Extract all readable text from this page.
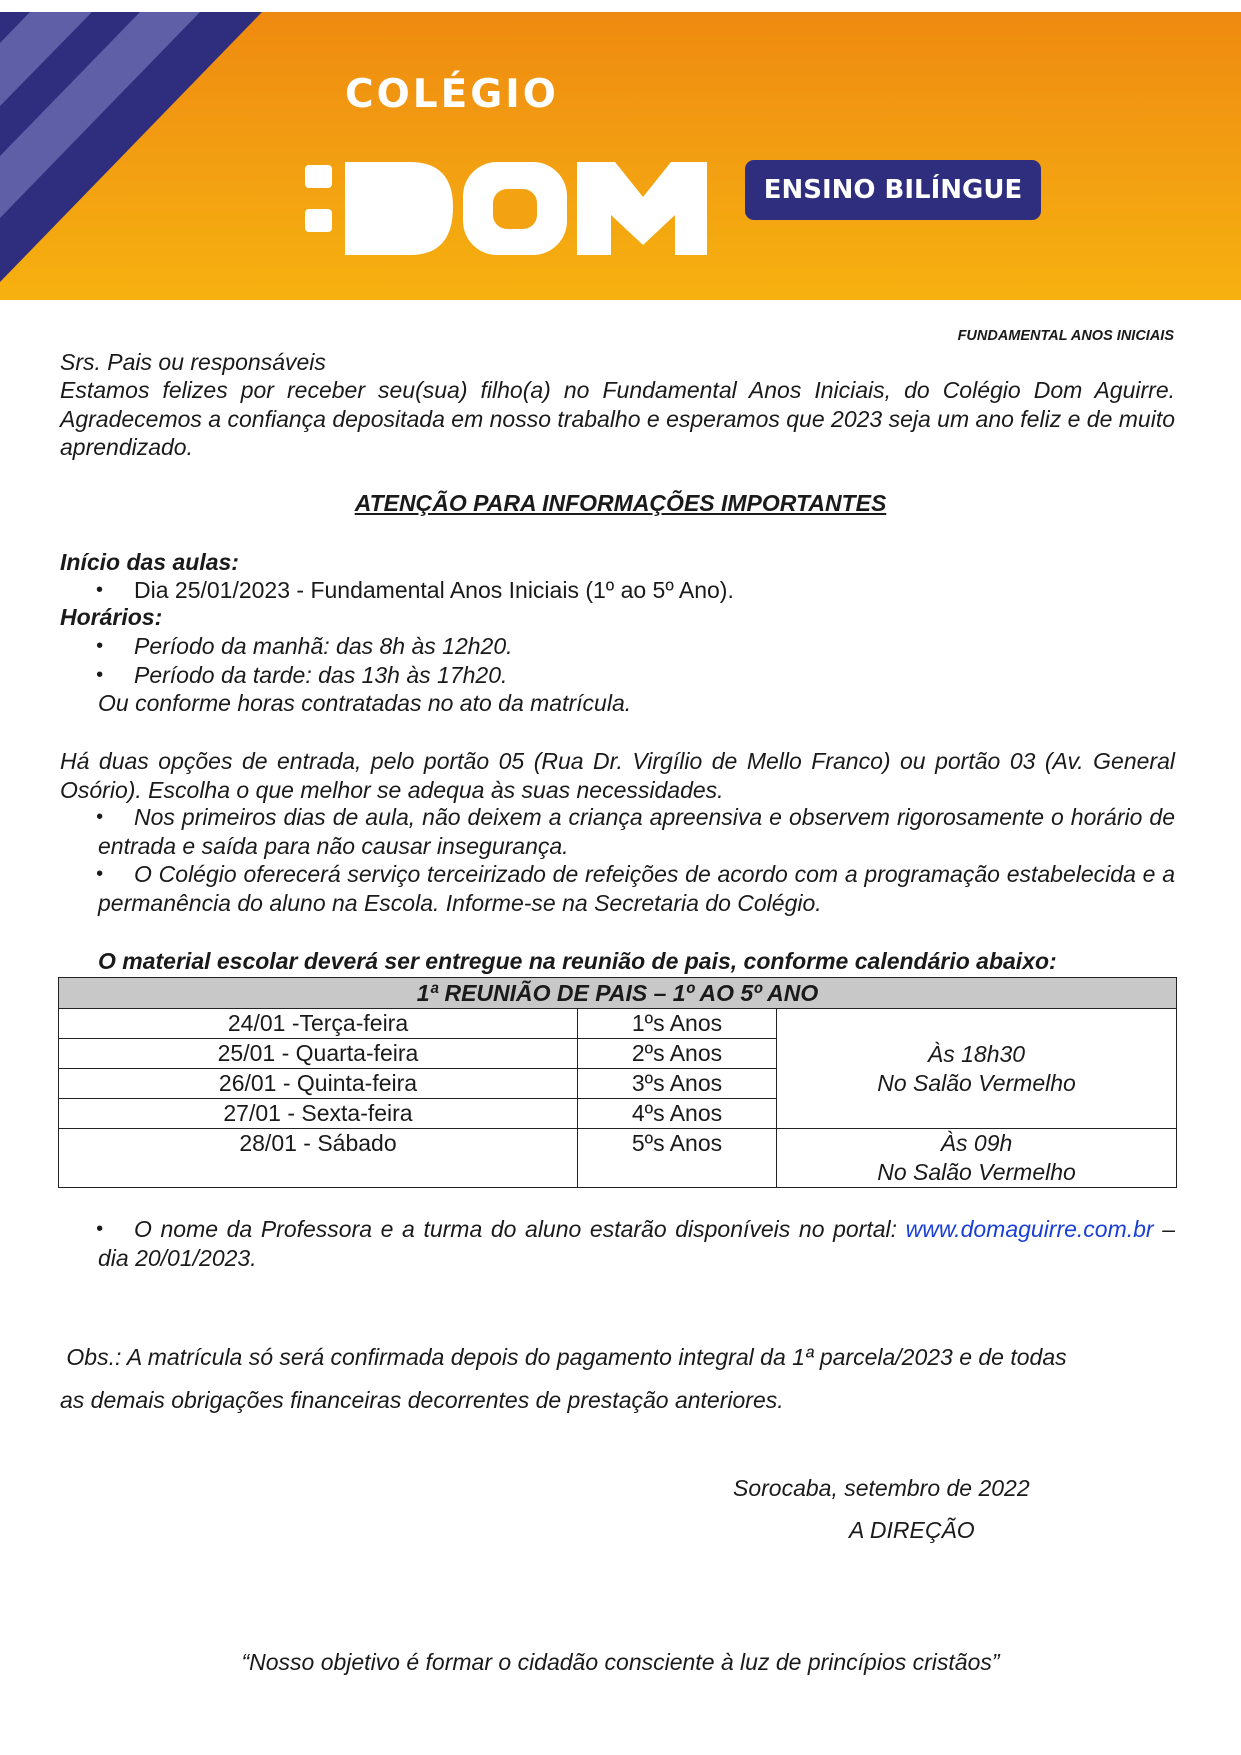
COLÉGIO
ENSINO BILÍNGUE
FUNDAMENTAL ANOS INICIAIS
Srs. Pais ou responsáveis
Estamos felizes por receber seu(sua) filho(a) no Fundamental Anos Iniciais, do Colégio Dom Aguirre. Agradecemos a confiança depositada em nosso trabalho e esperamos que 2023 seja um ano feliz e de muito aprendizado.
ATENÇÃO PARA INFORMAÇÕES IMPORTANTES
Início das aulas:
•	Dia 25/01/2023 - Fundamental Anos Iniciais (1º ao 5º Ano).
Horários:
•	Período da manhã: das 8h às 12h20.
•	Período da tarde: das 13h às 17h20.
Ou conforme horas contratadas no ato da matrícula.
Há duas opções de entrada, pelo portão 05 (Rua Dr. Virgílio de Mello Franco) ou portão 03 (Av. General Osório). Escolha o que melhor se adequa às suas necessidades.
•	Nos primeiros dias de aula, não deixem a criança apreensiva e observem rigorosamente o horário de entrada e saída para não causar insegurança.
•	O Colégio oferecerá serviço terceirizado de refeições de acordo com a programação estabelecida e a permanência do aluno na Escola. Informe-se na Secretaria do Colégio.
O material escolar deverá ser entregue na reunião de pais, conforme calendário abaixo:
1ª REUNIÃO DE PAIS – 1º AO 5º ANO		
24/01 -Terça-feira	1ºs Anos	Às 18h30
No Salão Vermelho

25/01 - Quarta-feira	2ºs Anos	
26/01 - Quinta-feira	3ºs Anos	
27/01 - Sexta-feira	4ºs Anos	
28/01 - Sábado	5ºs Anos	Às 09h
No Salão Vermelho
•	O nome da Professora e a turma do aluno estarão disponíveis no portal: www.domaguirre.com.br – dia 20/01/2023.
Obs.: A matrícula só será confirmada depois do pagamento integral da 1ª parcela/2023 e de todas
as demais obrigações financeiras decorrentes de prestação anteriores.
Sorocaba, setembro de 2022
A DIREÇÃO
“Nosso objetivo é formar o cidadão consciente à luz de princípios cristãos”
